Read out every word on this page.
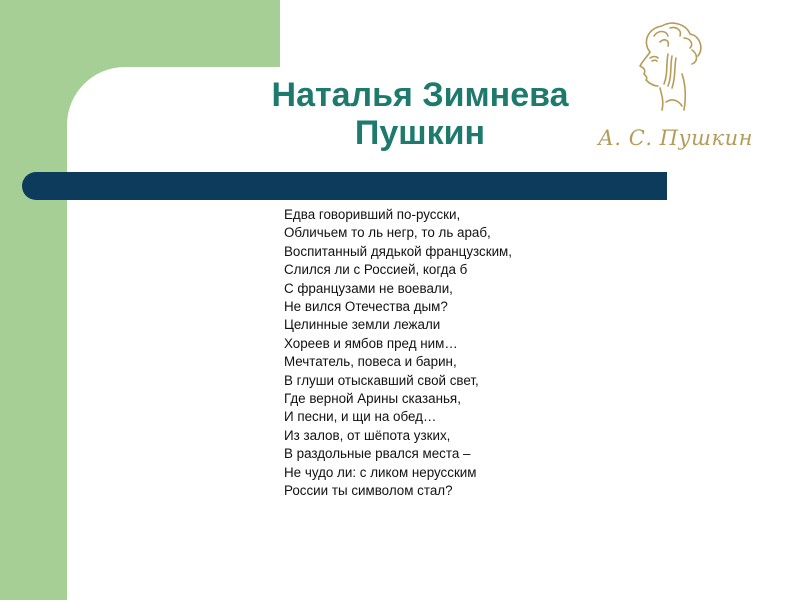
Наталья Зимнева
Пушкин	А. С. Пушкин
Едва говоривший по-русски,
Обличьем то ль негр, то ль араб,
Воспитанный дядькой французским,
Слился ли с Россией, когда б
С французами не воевали,
Не вился Отечества дым?
Целинные земли лежали
Хореев и ямбов пред ним…
Мечтатель, повеса и барин,
В глуши отыскавший свой свет,
Где верной Арины сказанья,
И песни, и щи на обед…
Из залов, от шёпота узких,
В раздольные рвался места –
Не чудо ли: с ликом нерусским
России ты символом стал?
